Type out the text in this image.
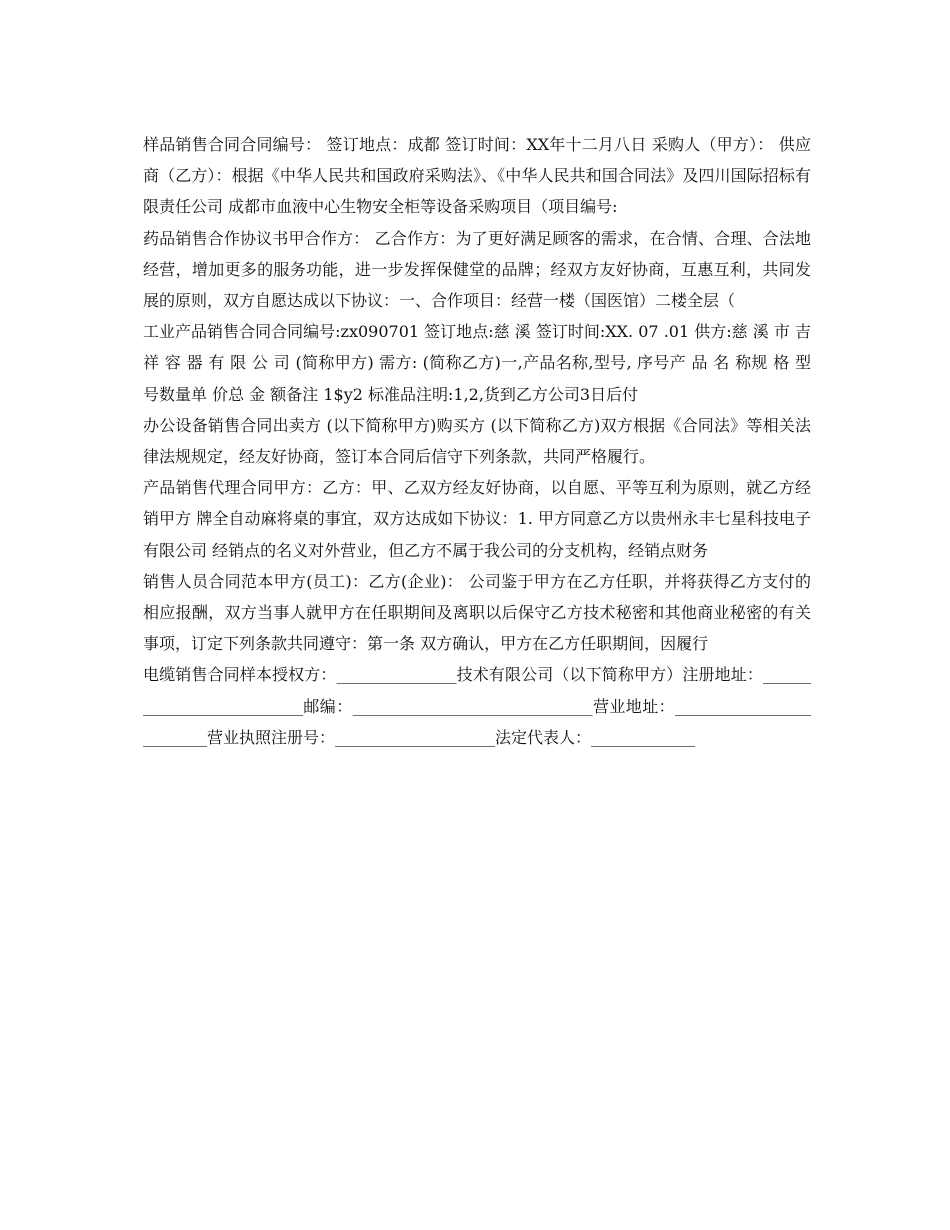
样品销售合同合同编号： 签订地点：成都 签订时间：XX年十二月八日 采购人（甲方）： 供应商（乙方）：根据《中华人民共和国政府采购法》、《中华人民共和国合同法》及四川国际招标有限责任公司 成都市血液中心生物安全柜等设备采购项目（项目编号:

药品销售合作协议书甲合作方： 乙合作方：为了更好满足顾客的需求，在合情、合理、合法地经营，增加更多的服务功能，进一步发挥保健堂的品牌；经双方友好协商，互惠互利，共同发展的原则，双方自愿达成以下协议：一、合作项目：经营一楼（国医馆）二楼全层（

工业产品销售合同合同编号:zx090701 签订地点:慈 溪 签订时间:XX. 07 .01 供方:慈 溪 市 吉 祥 容 器 有 限 公 司 (简称甲方) 需方: (简称乙方)一,产品名称,型号, 序号产 品 名 称规 格 型 号数量单 价总 金 额备注 1$y2 标准品注明:1,2,货到乙方公司3日后付

办公设备销售合同出卖方 (以下简称甲方)购买方 (以下简称乙方)双方根据《合同法》等相关法律法规规定，经友好协商，签订本合同后信守下列条款，共同严格履行。

产品销售代理合同甲方：乙方：甲、乙双方经友好协商，以自愿、平等互利为原则，就乙方经销甲方 牌全自动麻将桌的事宜，双方达成如下协议：1. 甲方同意乙方以贵州永丰七星科技电子有限公司 经销点的名义对外营业，但乙方不属于我公司的分支机构，经销点财务

销售人员合同范本甲方(员工)：乙方(企业)： 公司鉴于甲方在乙方任职，并将获得乙方支付的相应报酬，双方当事人就甲方在任职期间及离职以后保守乙方技术秘密和其他商业秘密的有关事项，订定下列条款共同遵守：第一条 双方确认，甲方在乙方任职期间，因履行

电缆销售合同样本授权方：_______________技术有限公司（以下简称甲方）注册地址：__________________________邮编：______________________________营业地址：_________________________营业执照注册号：____________________法定代表人：_____________
